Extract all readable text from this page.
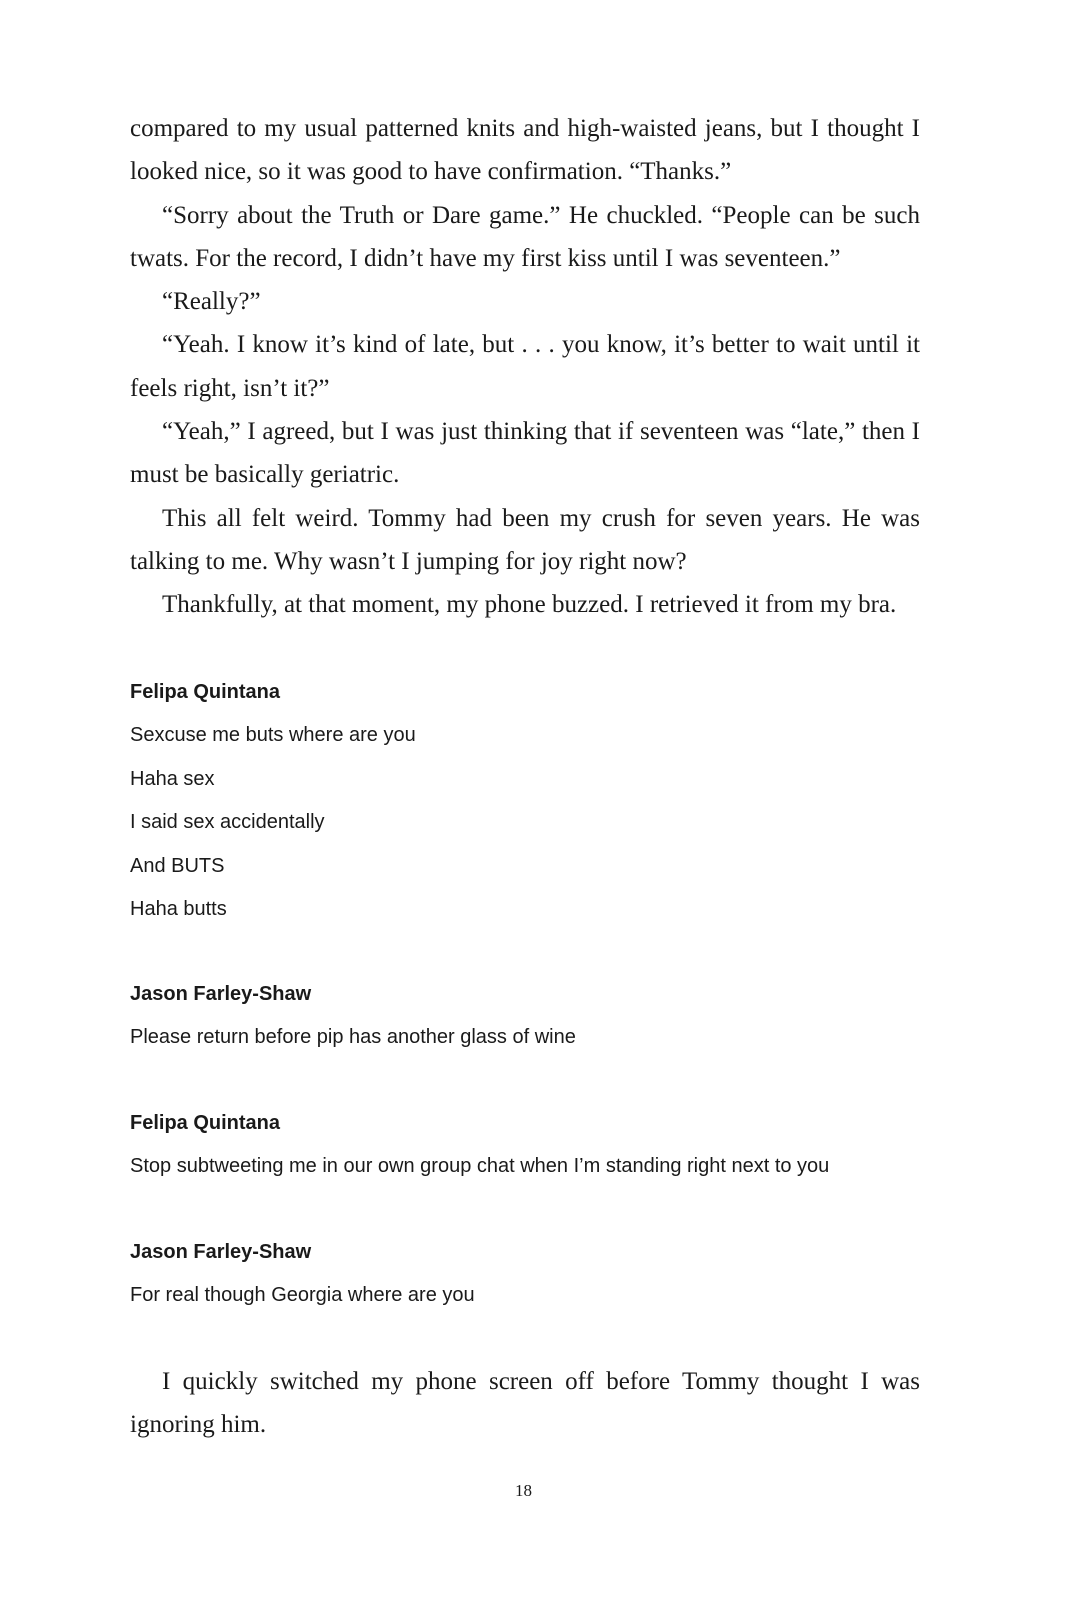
compared to my usual patterned knits and high-waisted jeans, but I thought I looked nice, so it was good to have confirmation. “Thanks.”

“Sorry about the Truth or Dare game.” He chuckled. “People can be such twats. For the record, I didn’t have my first kiss until I was seventeen.”

“Really?”

“Yeah. I know it’s kind of late, but . . . you know, it’s better to wait until it feels right, isn’t it?”

“Yeah,” I agreed, but I was just thinking that if seventeen was “late,” then I must be basically geriatric.

This all felt weird. Tommy had been my crush for seven years. He was talking to me. Why wasn’t I jumping for joy right now?

Thankfully, at that moment, my phone buzzed. I retrieved it from my bra.

Felipa Quintana
Sexcuse me buts where are you
Haha sex
I said sex accidentally
And BUTS
Haha butts
Jason Farley-Shaw
Please return before pip has another glass of wine
Felipa Quintana
Stop subtweeting me in our own group chat when I’m standing right next to you
Jason Farley-Shaw
For real though Georgia where are you

I quickly switched my phone screen off before Tommy thought I was ignoring him.

18
